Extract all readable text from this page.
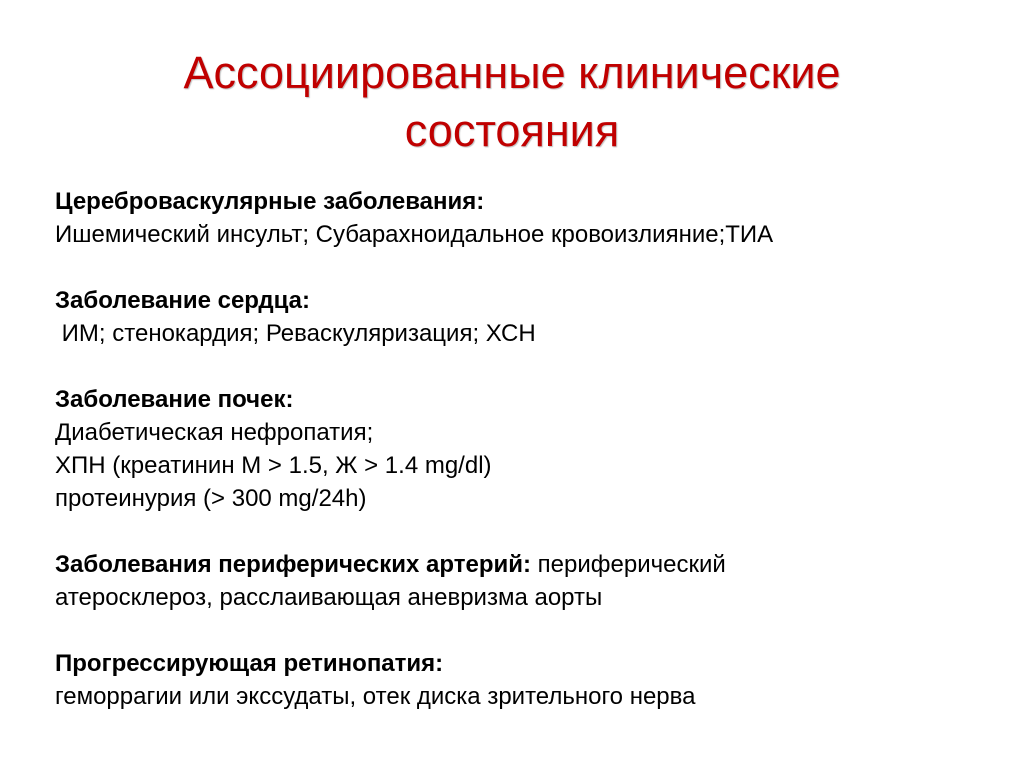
Ассоциированные клинические
состояния
Цереброваскулярные заболевания:
Ишемический инсульт; Субарахноидальное кровоизлияние;ТИА
Заболевание сердца:
ИМ; стенокардия; Реваскуляризация; ХСН
Заболевание почек:
Диабетическая нефропатия;
ХПН (креатинин М > 1.5, Ж > 1.4 mg/dl)
протеинурия (> 300 mg/24h)
Заболевания периферических артерий: периферический
атеросклероз, расслаивающая аневризма аорты
Прогрессирующая ретинопатия:
геморрагии или экссудаты, отек диска зрительного нерва
